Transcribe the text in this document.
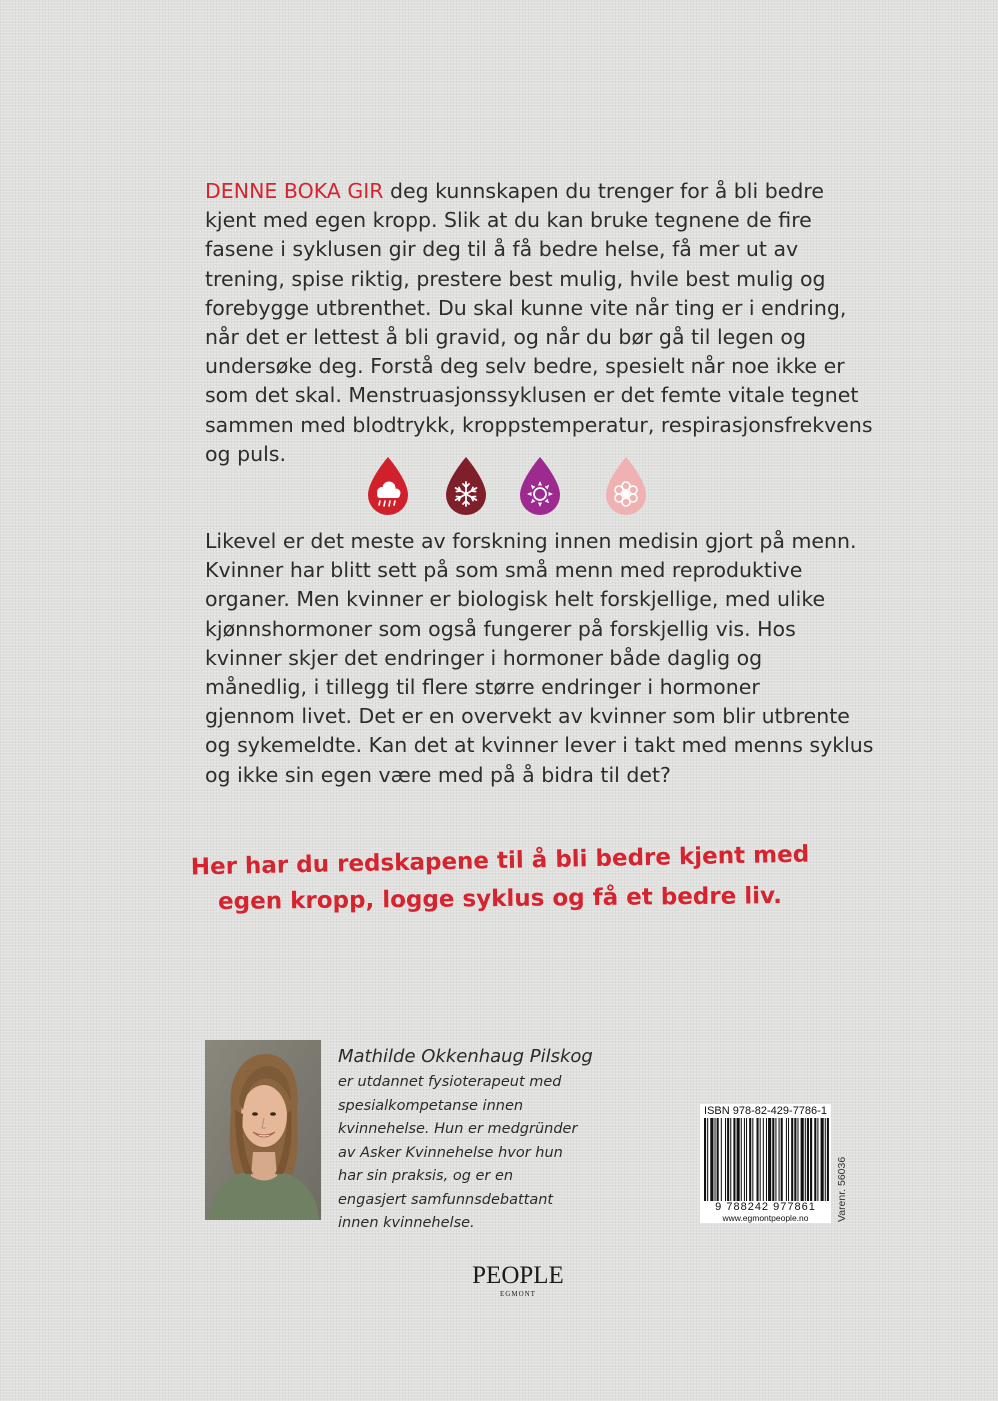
DENNE BOKA GIR deg kunnskapen du trenger for å bli bedre
kjent med egen kropp. Slik at du kan bruke tegnene de fire
fasene i syklusen gir deg til å få bedre helse, få mer ut av
trening, spise riktig, prestere best mulig, hvile best mulig og
forebygge utbrenthet. Du skal kunne vite når ting er i endring,
når det er lettest å bli gravid, og når du bør gå til legen og
undersøke deg. Forstå deg selv bedre, spesielt når noe ikke er
som det skal. Menstruasjonssyklusen er det femte vitale tegnet
sammen med blodtrykk, kroppstemperatur, respirasjonsfrekvens
og puls.
Likevel er det meste av forskning innen medisin gjort på menn.
Kvinner har blitt sett på som små menn med reproduktive
organer. Men kvinner er biologisk helt forskjellige, med ulike
kjønnshormoner som også fungerer på forskjellig vis. Hos
kvinner skjer det endringer i hormoner både daglig og
månedlig, i tillegg til flere større endringer i hormoner
gjennom livet. Det er en overvekt av kvinner som blir utbrente
og sykemeldte. Kan det at kvinner lever i takt med menns syklus
og ikke sin egen være med på å bidra til det?

Her har du redskapene til å bli bedre kjent med

egen kropp, logge syklus og få et bedre liv.

Mathilde Okkenhaug Pilskog
er utdannet fysioterapeut med
spesialkompetanse innen
kvinnehelse. Hun er medgründer
av Asker Kvinnehelse hvor hun
har sin praksis, og er en
engasjert samfunnsdebattant
innen kvinnehelse.
ISBN 978-82-429-7786-1
9 788242 977861
www.egmontpeople.no	Varenr. 56036
PEOPLE
EGMONT
